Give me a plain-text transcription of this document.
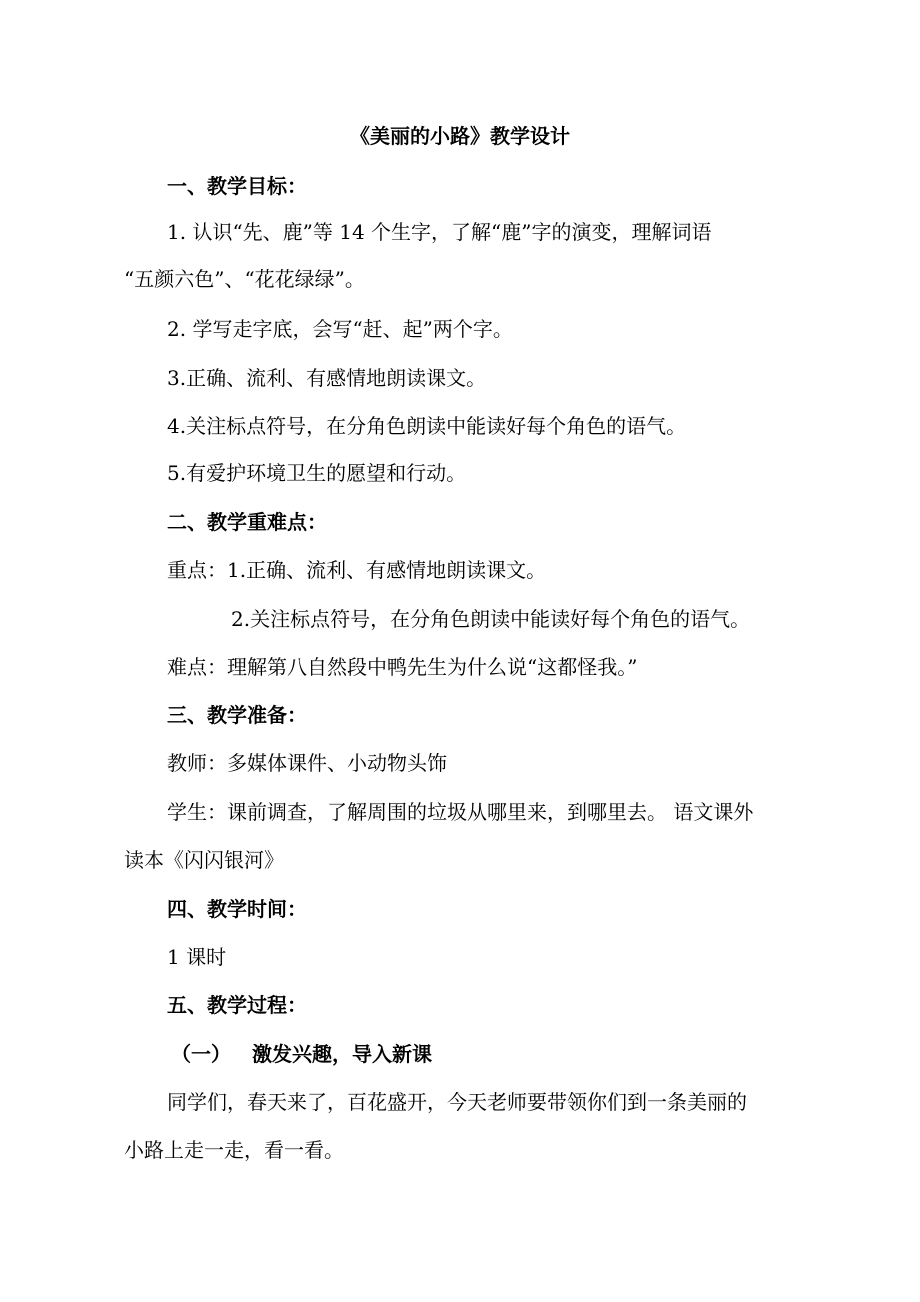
《美丽的小路》教学设计
一、教学目标：
1. 认识“先、鹿”等 14 个生字，了解“鹿”字的演变，理解词语
“五颜六色”、“花花绿绿”。
2. 学写走字底，会写“赶、起”两个字。
3.正确、流利、有感情地朗读课文。
4.关注标点符号，在分角色朗读中能读好每个角色的语气。
5.有爱护环境卫生的愿望和行动。
二、教学重难点：
重点：1.正确、流利、有感情地朗读课文。
2.关注标点符号，在分角色朗读中能读好每个角色的语气。
难点：理解第八自然段中鸭先生为什么说“这都怪我。”
三、教学准备：
教师：多媒体课件、小动物头饰
学生：课前调查，了解周围的垃圾从哪里来，到哪里去。 语文课外
读本《闪闪银河》
四、教学时间：
1 课时
五、教学过程：
（一） 激发兴趣，导入新课
同学们，春天来了，百花盛开，今天老师要带领你们到一条美丽的
小路上走一走，看一看。
